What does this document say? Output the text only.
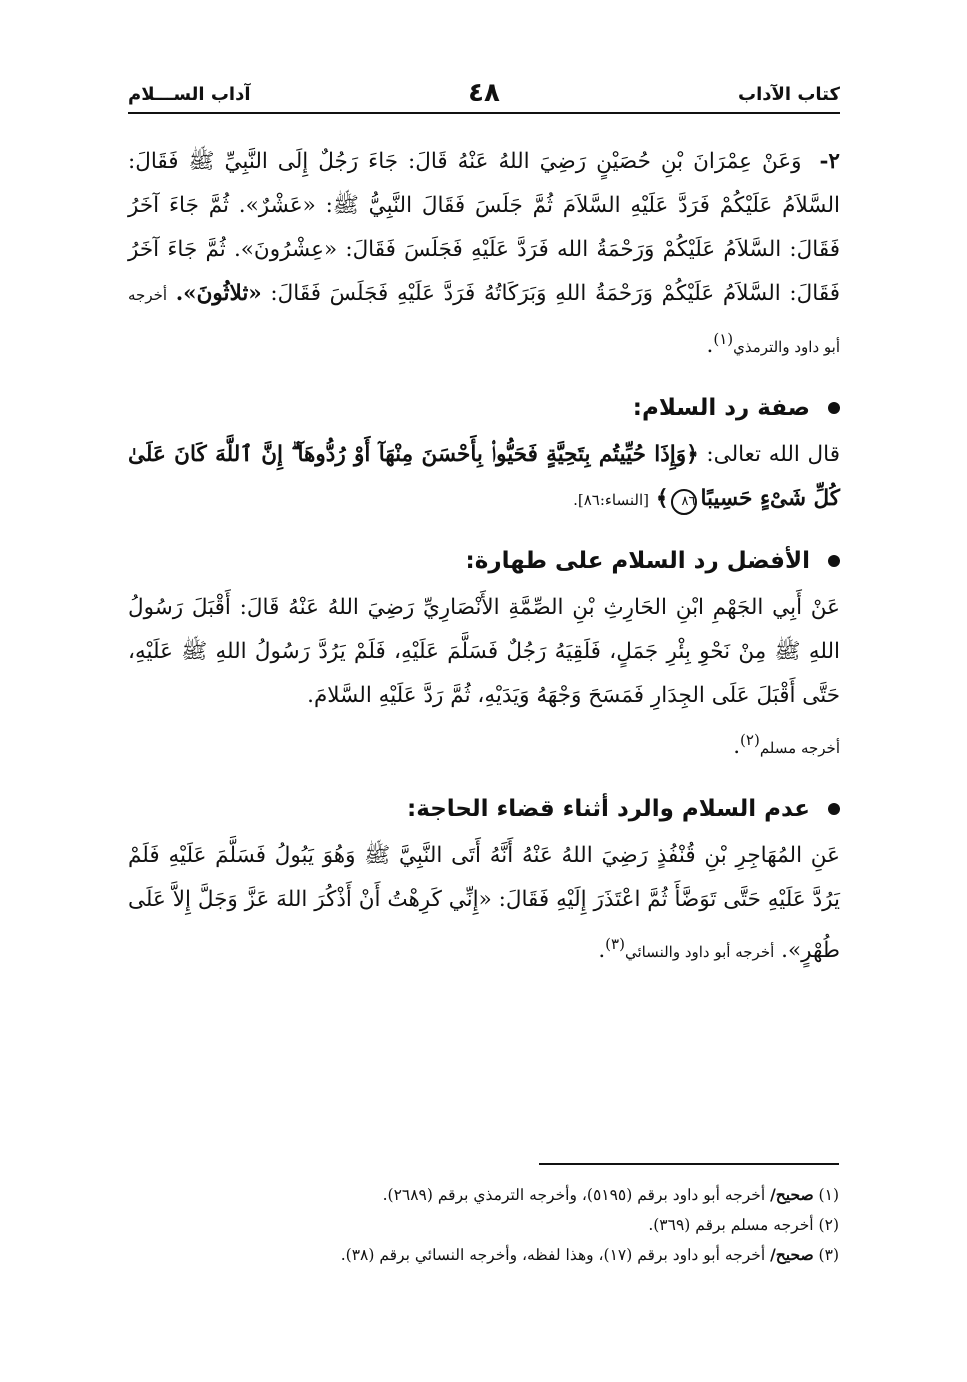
كتاب الآداب
٤٨
آداب الســـلام

٢- وَعَنْ عِمْرَانَ بْنِ حُصَيْنٍ رَضِيَ اللهُ عَنْهُ قَالَ: جَاءَ رَجُلٌ إِلَى النَّبِيِّ ﷺ فَقَالَ: السَّلاَمُ عَلَيْكُمْ فَرَدَّ عَلَيْهِ السَّلاَمَ ثُمَّ جَلَسَ فَقَالَ النَّبِيُّ ﷺ: «عَشْرٌ». ثُمَّ جَاءَ آخَرُ فَقَالَ: السَّلاَمُ عَلَيْكُمْ وَرَحْمَةُ الله فَرَدَّ عَلَيْهِ فَجَلَسَ فَقَالَ: «عِشْرُونَ». ثُمَّ جَاءَ آخَرُ فَقَالَ: السَّلاَمُ عَلَيْكُمْ وَرَحْمَةُ اللهِ وَبَرَكَاتُهُ فَرَدَّ عَلَيْهِ فَجَلَسَ فَقَالَ: «ثلاثُونَ». أخرجه أبو داود والترمذي$^{(١)}$.

صفة رد السلام:

قال الله تعالى: ﴿وَإِذَا حُيِّيتُم بِتَحِيَّةٍ فَحَيُّوا۟ بِأَحْسَنَ مِنْهَآ أَوْ رُدُّوهَآ ۗ إِنَّ ٱللَّهَ كَانَ عَلَىٰ كُلِّ شَىْءٍ حَسِيبًا٨٦﴾ [النساء:٨٦].

الأفضل رد السلام على طهارة:

عَنْ أَبِي الجَهْمِ ابْنِ الحَارِثِ بْنِ الصِّمَّةِ الأَنْصَارِيِّ رَضِيَ اللهُ عَنْهُ قَالَ: أَقْبَلَ رَسُولُ اللهِ ﷺ مِنْ نَحْوِ بِئْرِ جَمَلٍ، فَلَقِيَهُ رَجُلٌ فَسَلَّمَ عَلَيْهِ، فَلَمْ يَرُدَّ رَسُولُ اللهِ ﷺ عَلَيْهِ، حَتَّى أَقْبَلَ عَلَى الجِدَارِ فَمَسَحَ وَجْهَهُ وَيَدَيْهِ، ثُمَّ رَدَّ عَلَيْهِ السَّلامَ.
أخرجه مسلم$^{(٢)}$.

عدم السلام والرد أثناء قضاء الحاجة:

عَنِ المُهَاجِرِ بْنِ قُنْفُذٍ رَضِيَ اللهُ عَنْهُ أَنَّهُ أَتَى النَّبِيَّ ﷺ وَهُوَ يَبُولُ فَسَلَّمَ عَلَيْهِ فَلَمْ يَرُدَّ عَلَيْهِ حَتَّى تَوَضَّأَ ثُمَّ اعْتَذَرَ إِلَيْهِ فَقَالَ: «إِنِّي كَرِهْتُ أَنْ أَذْكُرَ اللهَ عَزَّ وَجَلَّ إِلاَّ عَلَى طُهْرٍ». أخرجه أبو داود والنسائي$^{(٣)}$.

(١) صحيح/ أخرجه أبو داود برقم (٥١٩٥)، وأخرجه الترمذي برقم (٢٦٨٩).
(٢) أخرجه مسلم برقم (٣٦٩).
(٣) صحيح/ أخرجه أبو داود برقم (١٧)، وهذا لفظه، وأخرجه النسائي برقم (٣٨).
